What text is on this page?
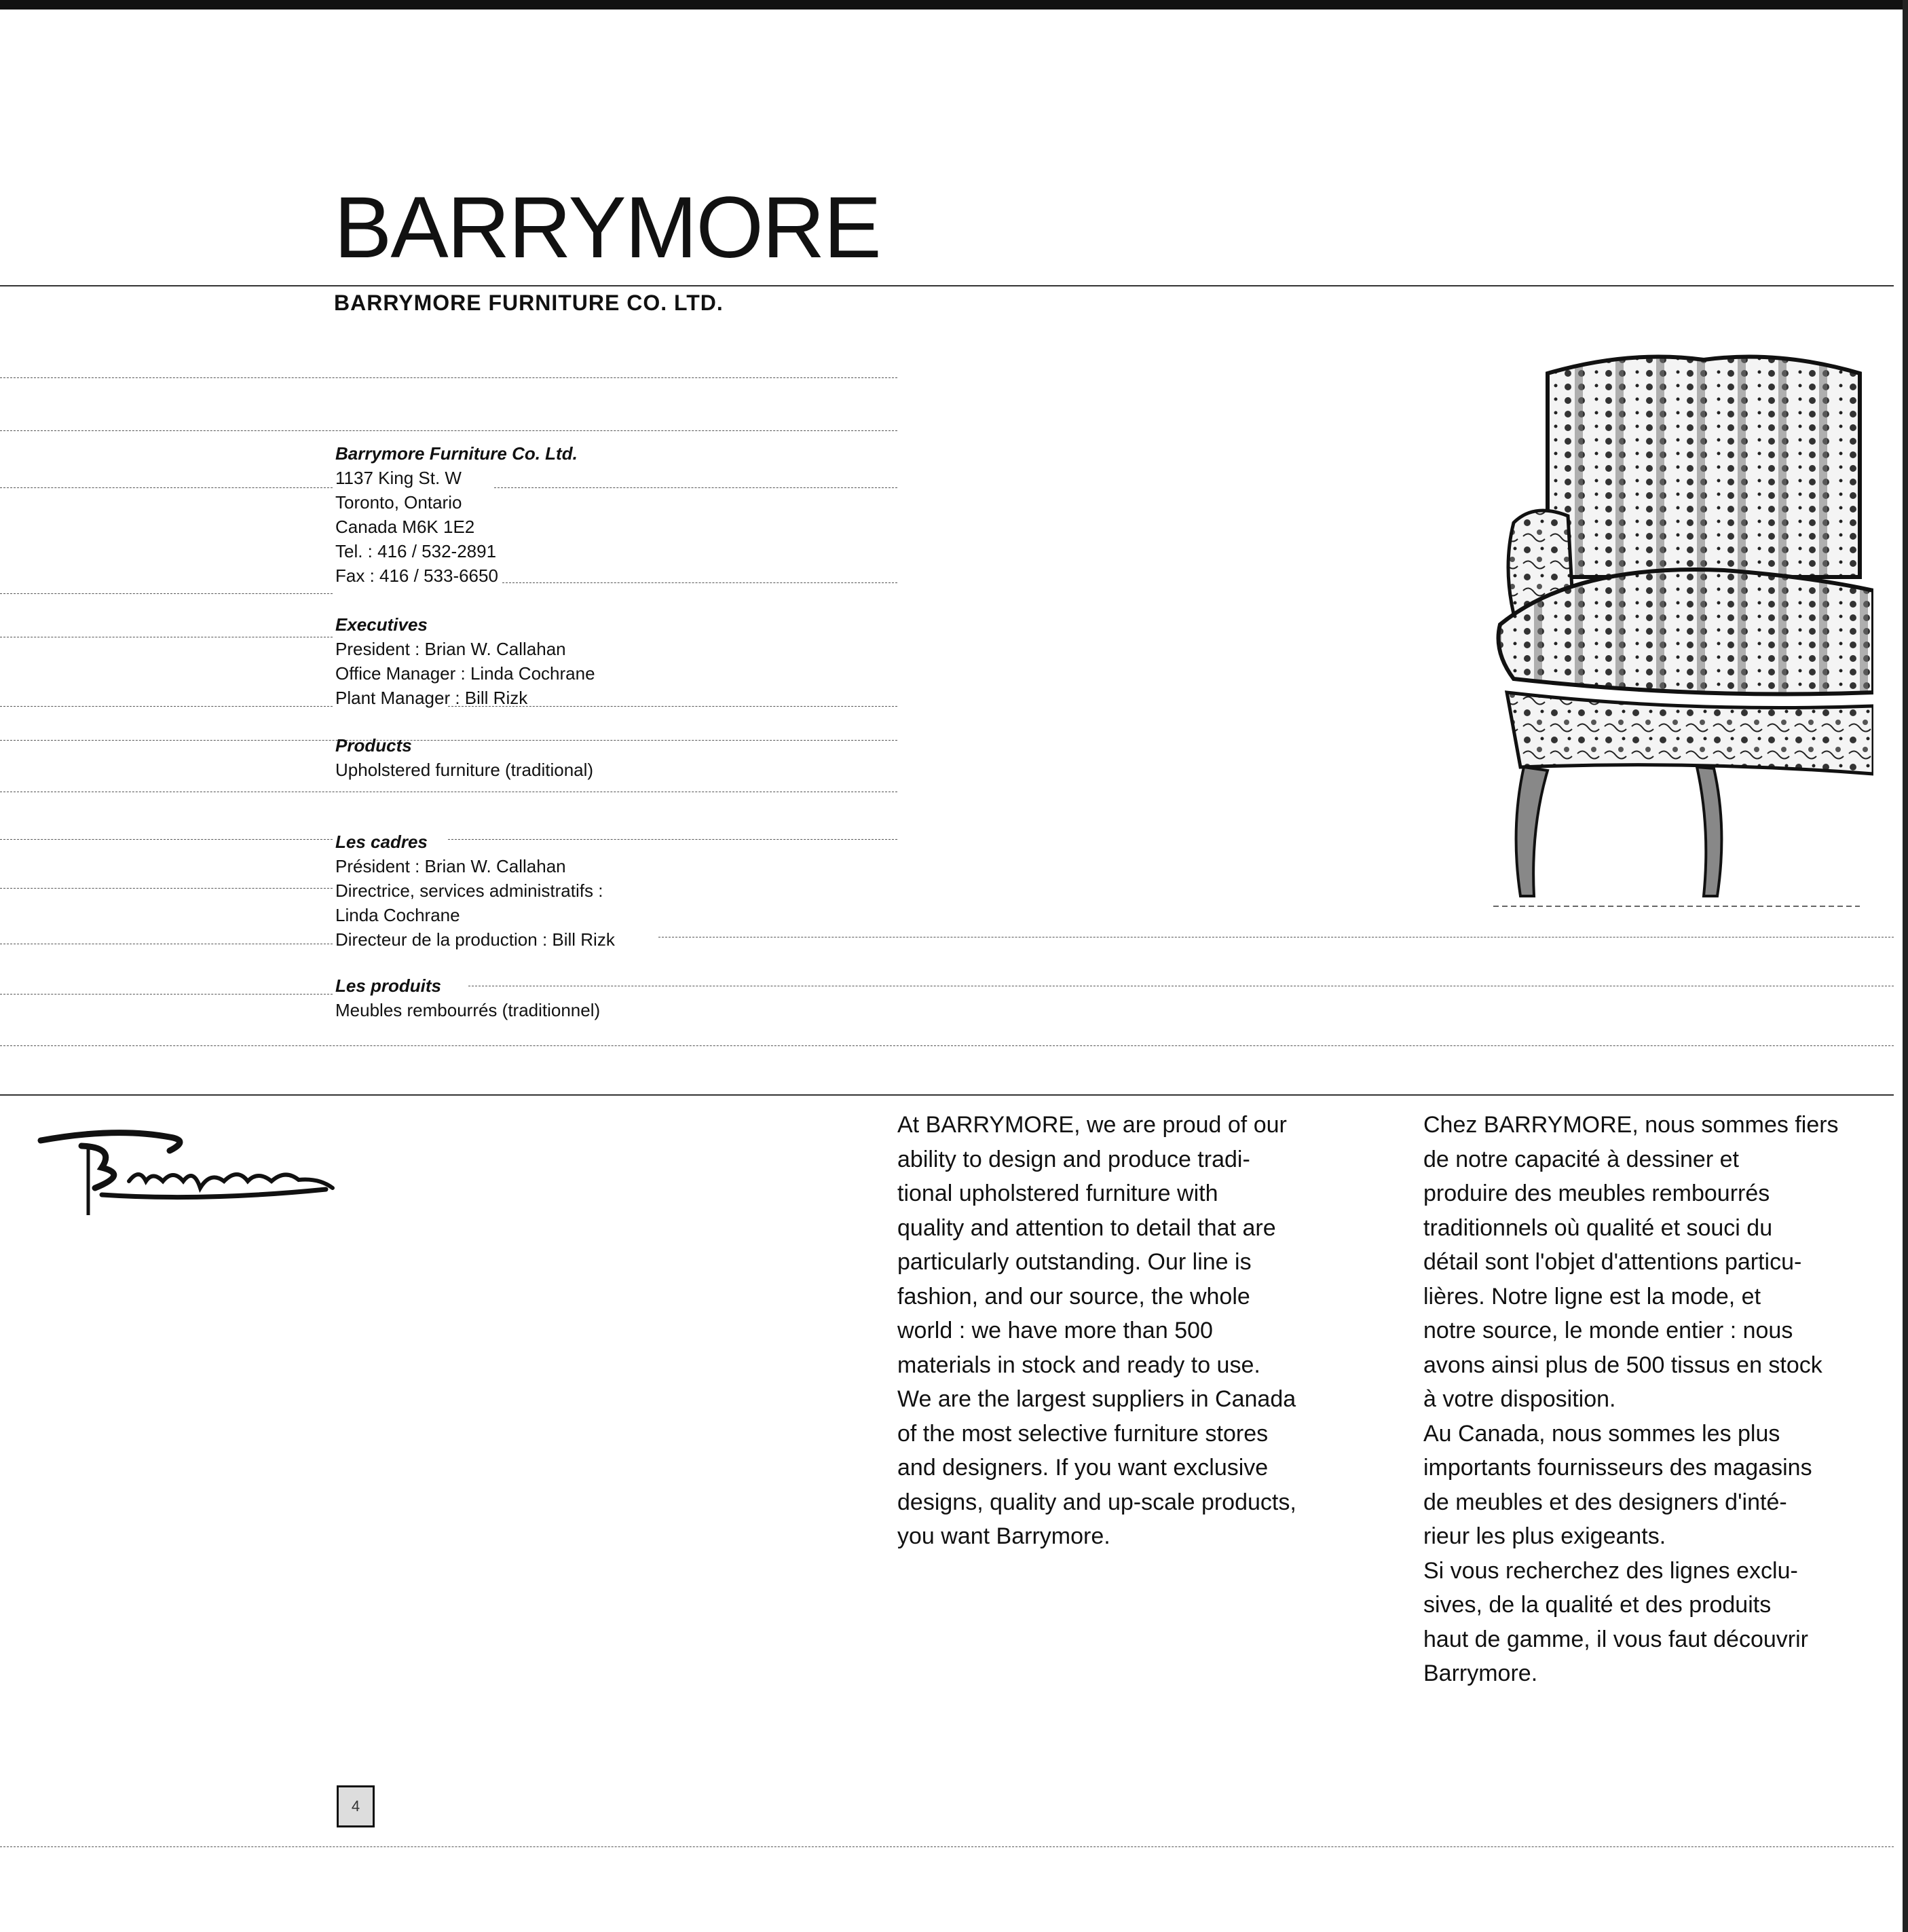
BARRYMORE
BARRYMORE FURNITURE CO. LTD.
Barrymore Furniture Co. Ltd.
1137 King St. W
Toronto, Ontario
Canada M6K 1E2
Tel. : 416 / 532-2891
Fax : 416 / 533-6650
Executives
President : Brian W. Callahan
Office Manager : Linda Cochrane
Plant Manager : Bill Rizk
Products
Upholstered furniture (traditional)
Les cadres
Président : Brian W. Callahan
Directrice, services administratifs :
Linda Cochrane
Directeur de la production : Bill Rizk
Les produits
Meubles rembourrés (traditionnel)
At BARRYMORE, we are proud of our
ability to design and produce tradi-
tional upholstered furniture with
quality and attention to detail that are
particularly outstanding. Our line is
fashion, and our source, the whole
world : we have more than 500
materials in stock and ready to use.
We are the largest suppliers in Canada
of the most selective furniture stores
and designers. If you want exclusive
designs, quality and up-scale products,
you want Barrymore.
Chez BARRYMORE, nous sommes fiers
de notre capacité à dessiner et
produire des meubles rembourrés
traditionnels où qualité et souci du
détail sont l'objet d'attentions particu-
lières. Notre ligne est la mode, et
notre source, le monde entier : nous
avons ainsi plus de 500 tissus en stock
à votre disposition.
Au Canada, nous sommes les plus
importants fournisseurs des magasins
de meubles et des designers d'inté-
rieur les plus exigeants.
Si vous recherchez des lignes exclu-
sives, de la qualité et des produits
haut de gamme, il vous faut découvrir
Barrymore.
4
